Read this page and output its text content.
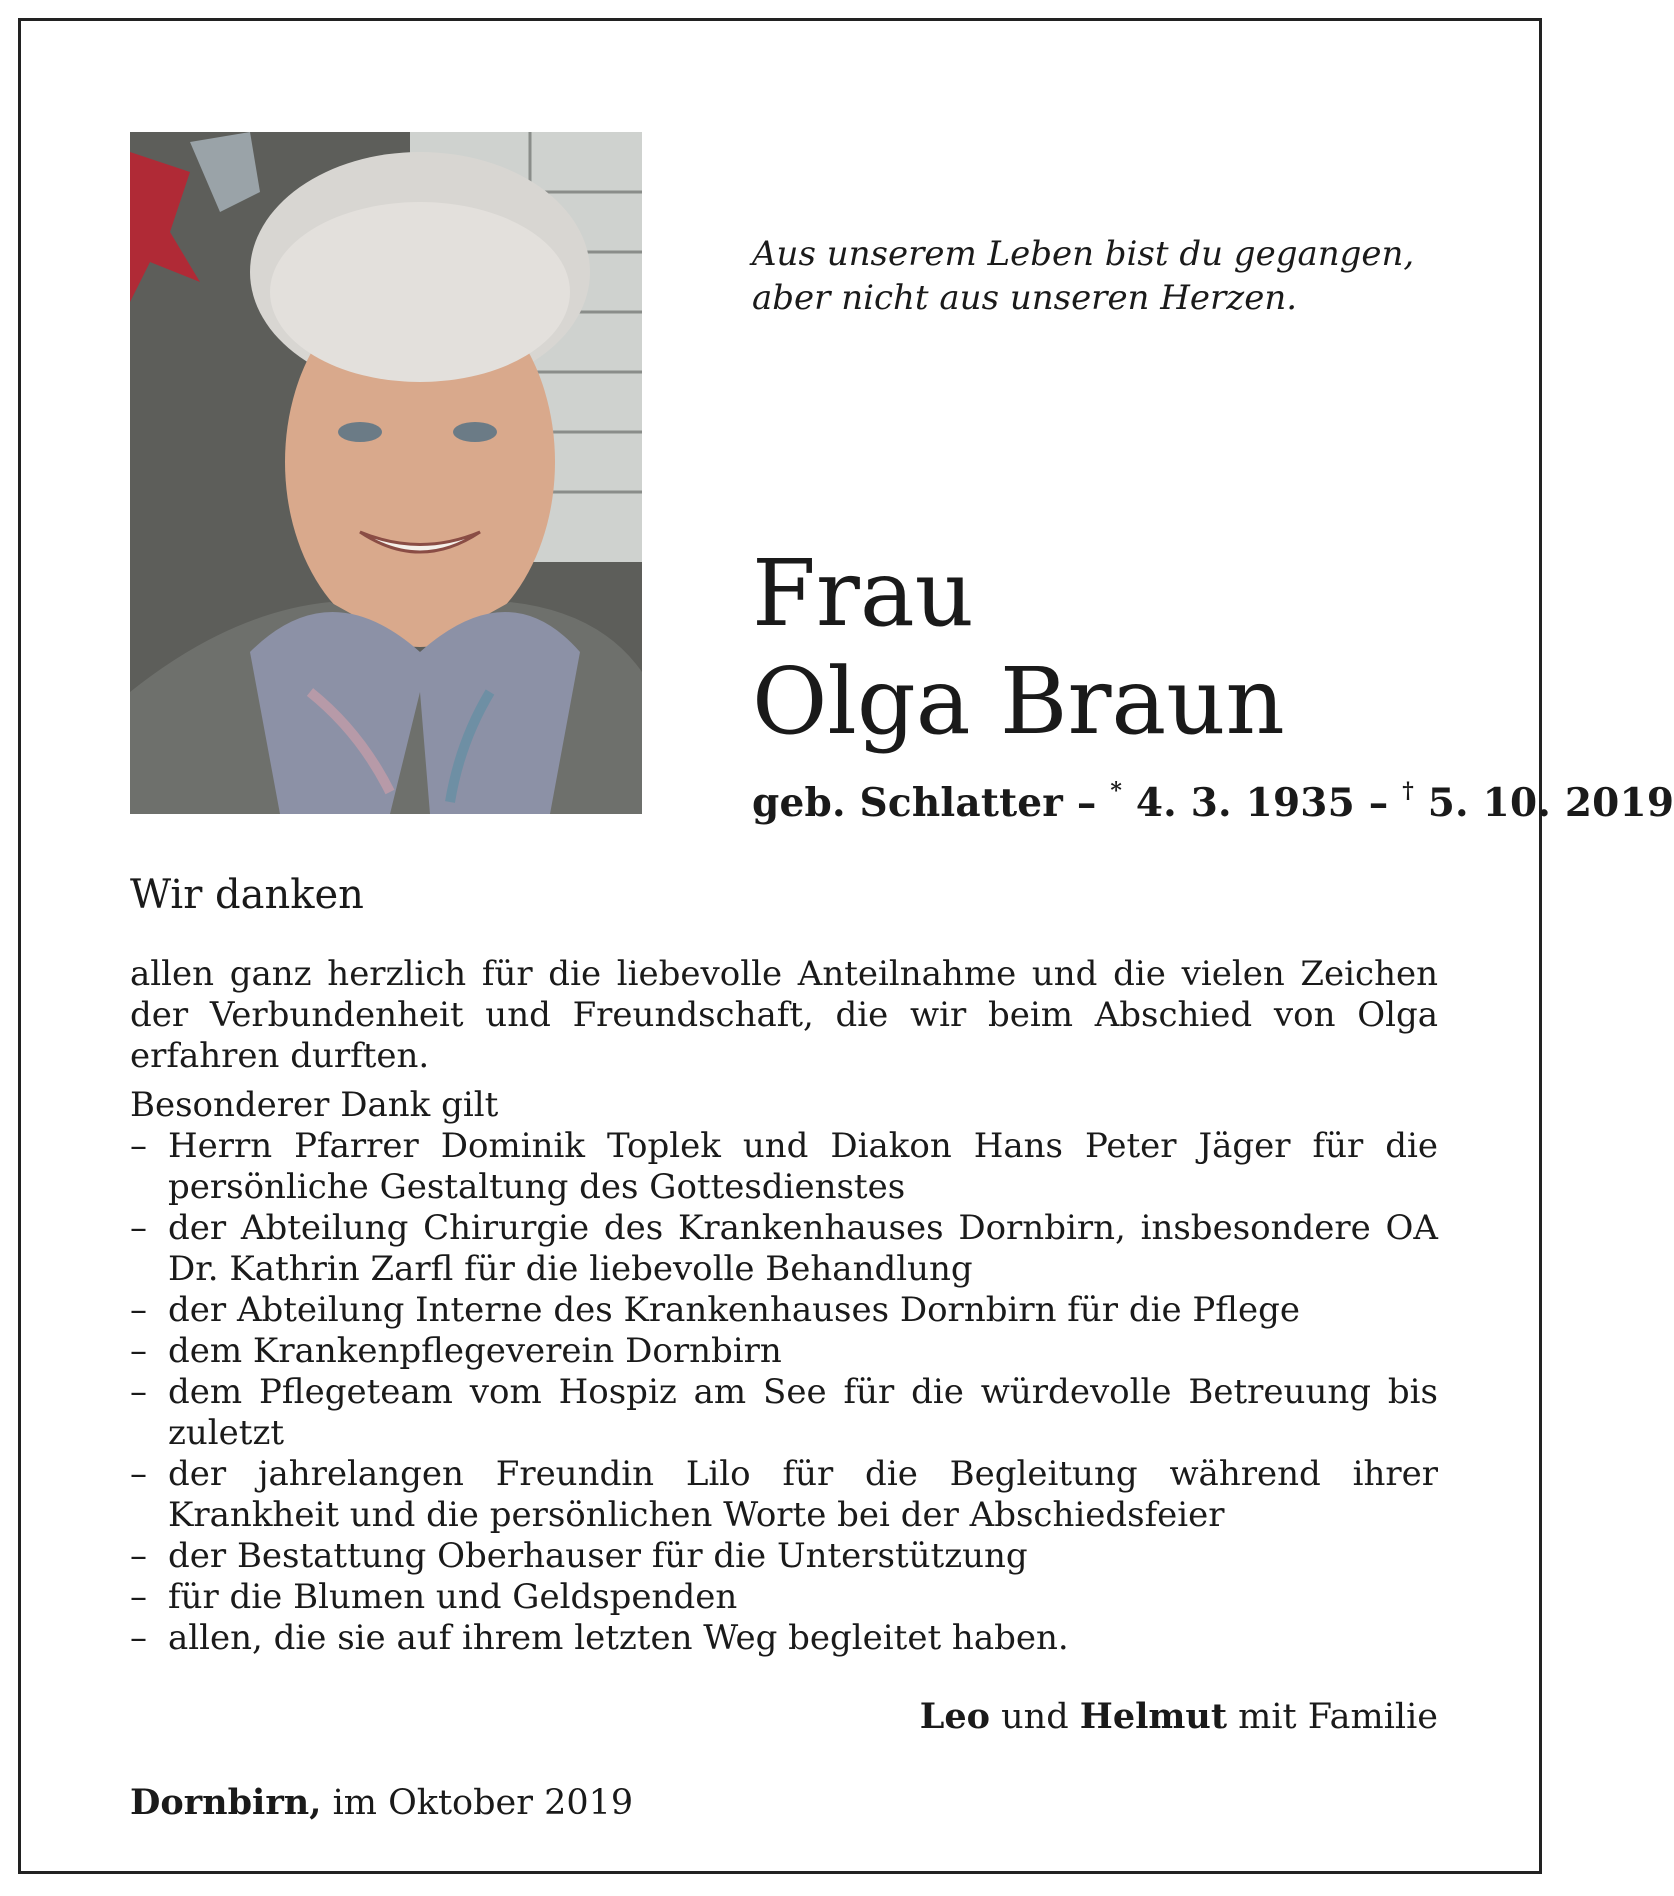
Aus unserem Leben bist du gegangen,
aber nicht aus unseren Herzen.
Frau
Olga Braun
geb. Schlatter – * 4. 3. 1935 – † 5. 10. 2019
Wir danken

allen ganz herzlich für die liebevolle Anteilnahme und die vielen Zeichen der Verbundenheit und Freundschaft, die wir beim Abschied von Olga erfahren durften.

Besonderer Dank gilt

– Herrn Pfarrer Dominik Toplek und Diakon Hans Peter Jäger für die persönliche Gestaltung des Gottesdienstes
– der Abteilung Chirurgie des Krankenhauses Dornbirn, insbesondere OA Dr. Kathrin Zarfl für die liebevolle Behandlung
– der Abteilung Interne des Krankenhauses Dornbirn für die Pflege
– dem Krankenpflegeverein Dornbirn
– dem Pflegeteam vom Hospiz am See für die würdevolle Betreuung bis zuletzt
– der jahrelangen Freundin Lilo für die Begleitung während ihrer Krankheit und die persönlichen Worte bei der Abschiedsfeier
– der Bestattung Oberhauser für die Unterstützung
– für die Blumen und Geldspenden
– allen, die sie auf ihrem letzten Weg begleitet haben.
Leo und Helmut mit Familie
Dornbirn, im Oktober 2019
